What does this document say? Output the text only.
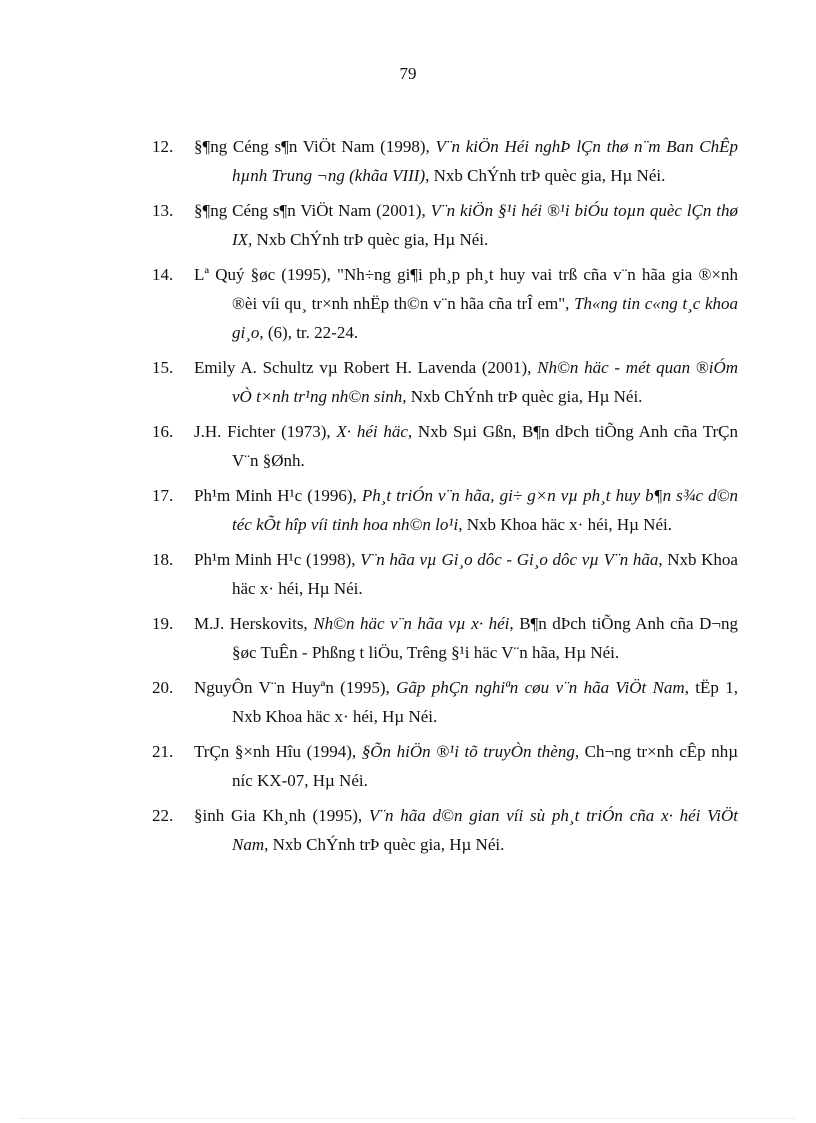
79
12. §¶ng Céng s¶n ViÖt Nam (1998), V¨n kiÖn Héi nghÞ lÇn thø n¨m Ban ChÊp hµnh Trung ¬ng (khãa VIII), Nxb ChÝnh trÞ quèc gia, Hµ Néi.
13. §¶ng Céng s¶n ViÖt Nam (2001), V¨n kiÖn §¹i héi ®¹i biÓu toµn quèc lÇn thø IX, Nxb ChÝnh trÞ quèc gia, Hµ Néi.
14. Lª Quý §øc (1995), "Nh÷ng gi¶i ph¸p ph¸t huy vai trß cña v¨n hãa gia ®×nh ®èi víi qu¸ tr×nh nhËp th©n v¨n hãa cña trÎ em", Th«ng tin c«ng t¸c khoa gi¸o, (6), tr. 22-24.
15. Emily A. Schultz vµ Robert H. Lavenda (2001), Nh©n häc - mét quan ®iÓm vÒ t×nh tr¹ng nh©n sinh, Nxb ChÝnh trÞ quèc gia, Hµ Néi.
16. J.H. Fichter (1973), X· héi häc, Nxb Sµi Gßn, B¶n dÞch tiÕng Anh cña TrÇn V¨n §Ønh.
17. Ph¹m Minh H¹c (1996), Ph¸t triÓn v¨n hãa, gi÷ g×n vµ ph¸t huy b¶n s¾c d©n téc kÕt hîp víi tinh hoa nh©n lo¹i, Nxb Khoa häc x· héi, Hµ Néi.
18. Ph¹m Minh H¹c (1998), V¨n hãa vµ Gi¸o dôc - Gi¸o dôc vµ V¨n hãa, Nxb Khoa häc x· héi, Hµ Néi.
19. M.J. Herskovits, Nh©n häc v¨n hãa vµ x· héi, B¶n dÞch tiÕng Anh cña D¬ng §øc TuÊn - Phßng t liÖu, Trêng §¹i häc V¨n hãa, Hµ Néi.
20. NguyÔn V¨n Huyªn (1995), Gãp phÇn nghiªn cøu v¨n hãa ViÖt Nam, tËp 1, Nxb Khoa häc x· héi, Hµ Néi.
21. TrÇn §×nh Hîu (1994), §Õn hiÖn ®¹i tõ truyÒn thèng, Ch¬ng tr×nh cÊp nhµ níc KX-07, Hµ Néi.
22. §inh Gia Kh¸nh (1995), V¨n hãa d©n gian víi sù ph¸t triÓn cña x· héi ViÖt Nam, Nxb ChÝnh trÞ quèc gia, Hµ Néi.
